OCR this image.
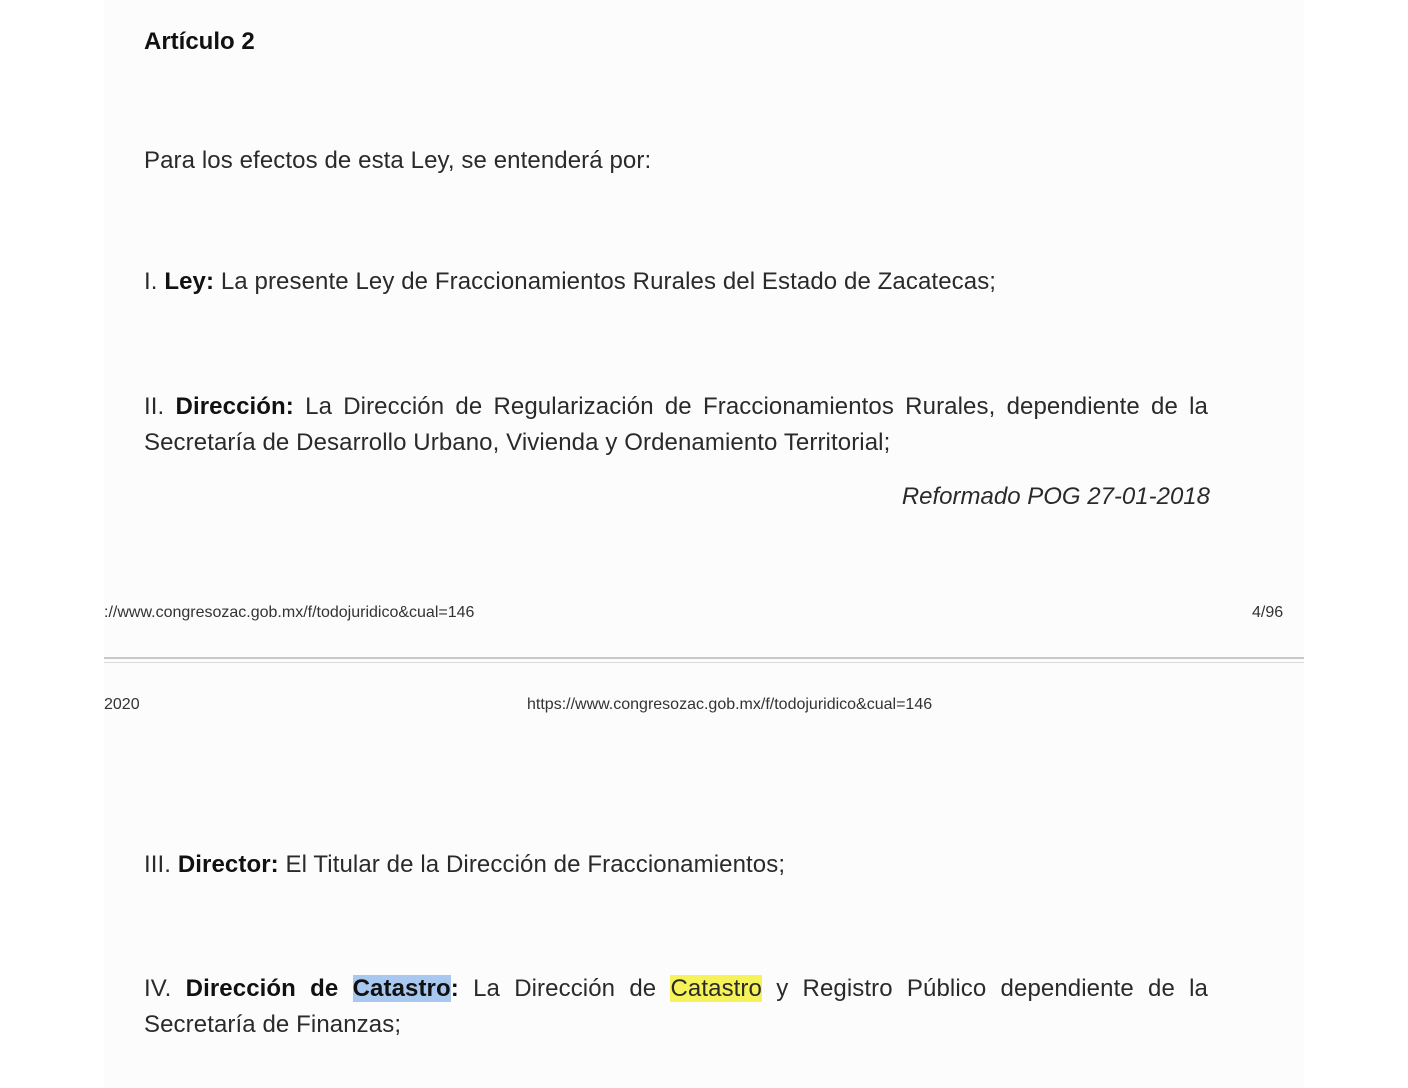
Artículo 2
Para los efectos de esta Ley, se entenderá por:
I. Ley: La presente Ley de Fraccionamientos Rurales del Estado de Zacatecas;
II. Dirección: La Dirección de Regularización de Fraccionamientos Rurales, dependiente de la Secretaría de Desarrollo Urbano, Vivienda y Ordenamiento Territorial;
Reformado POG 27-01-2018
://www.congresozac.gob.mx/f/todojuridico&cual=146	4/96
2020	https://www.congresozac.gob.mx/f/todojuridico&cual=146
III. Director: El Titular de la Dirección de Fraccionamientos;
IV. Dirección de Catastro: La Dirección de Catastro y Registro Público dependiente de la Secretaría de Finanzas;
